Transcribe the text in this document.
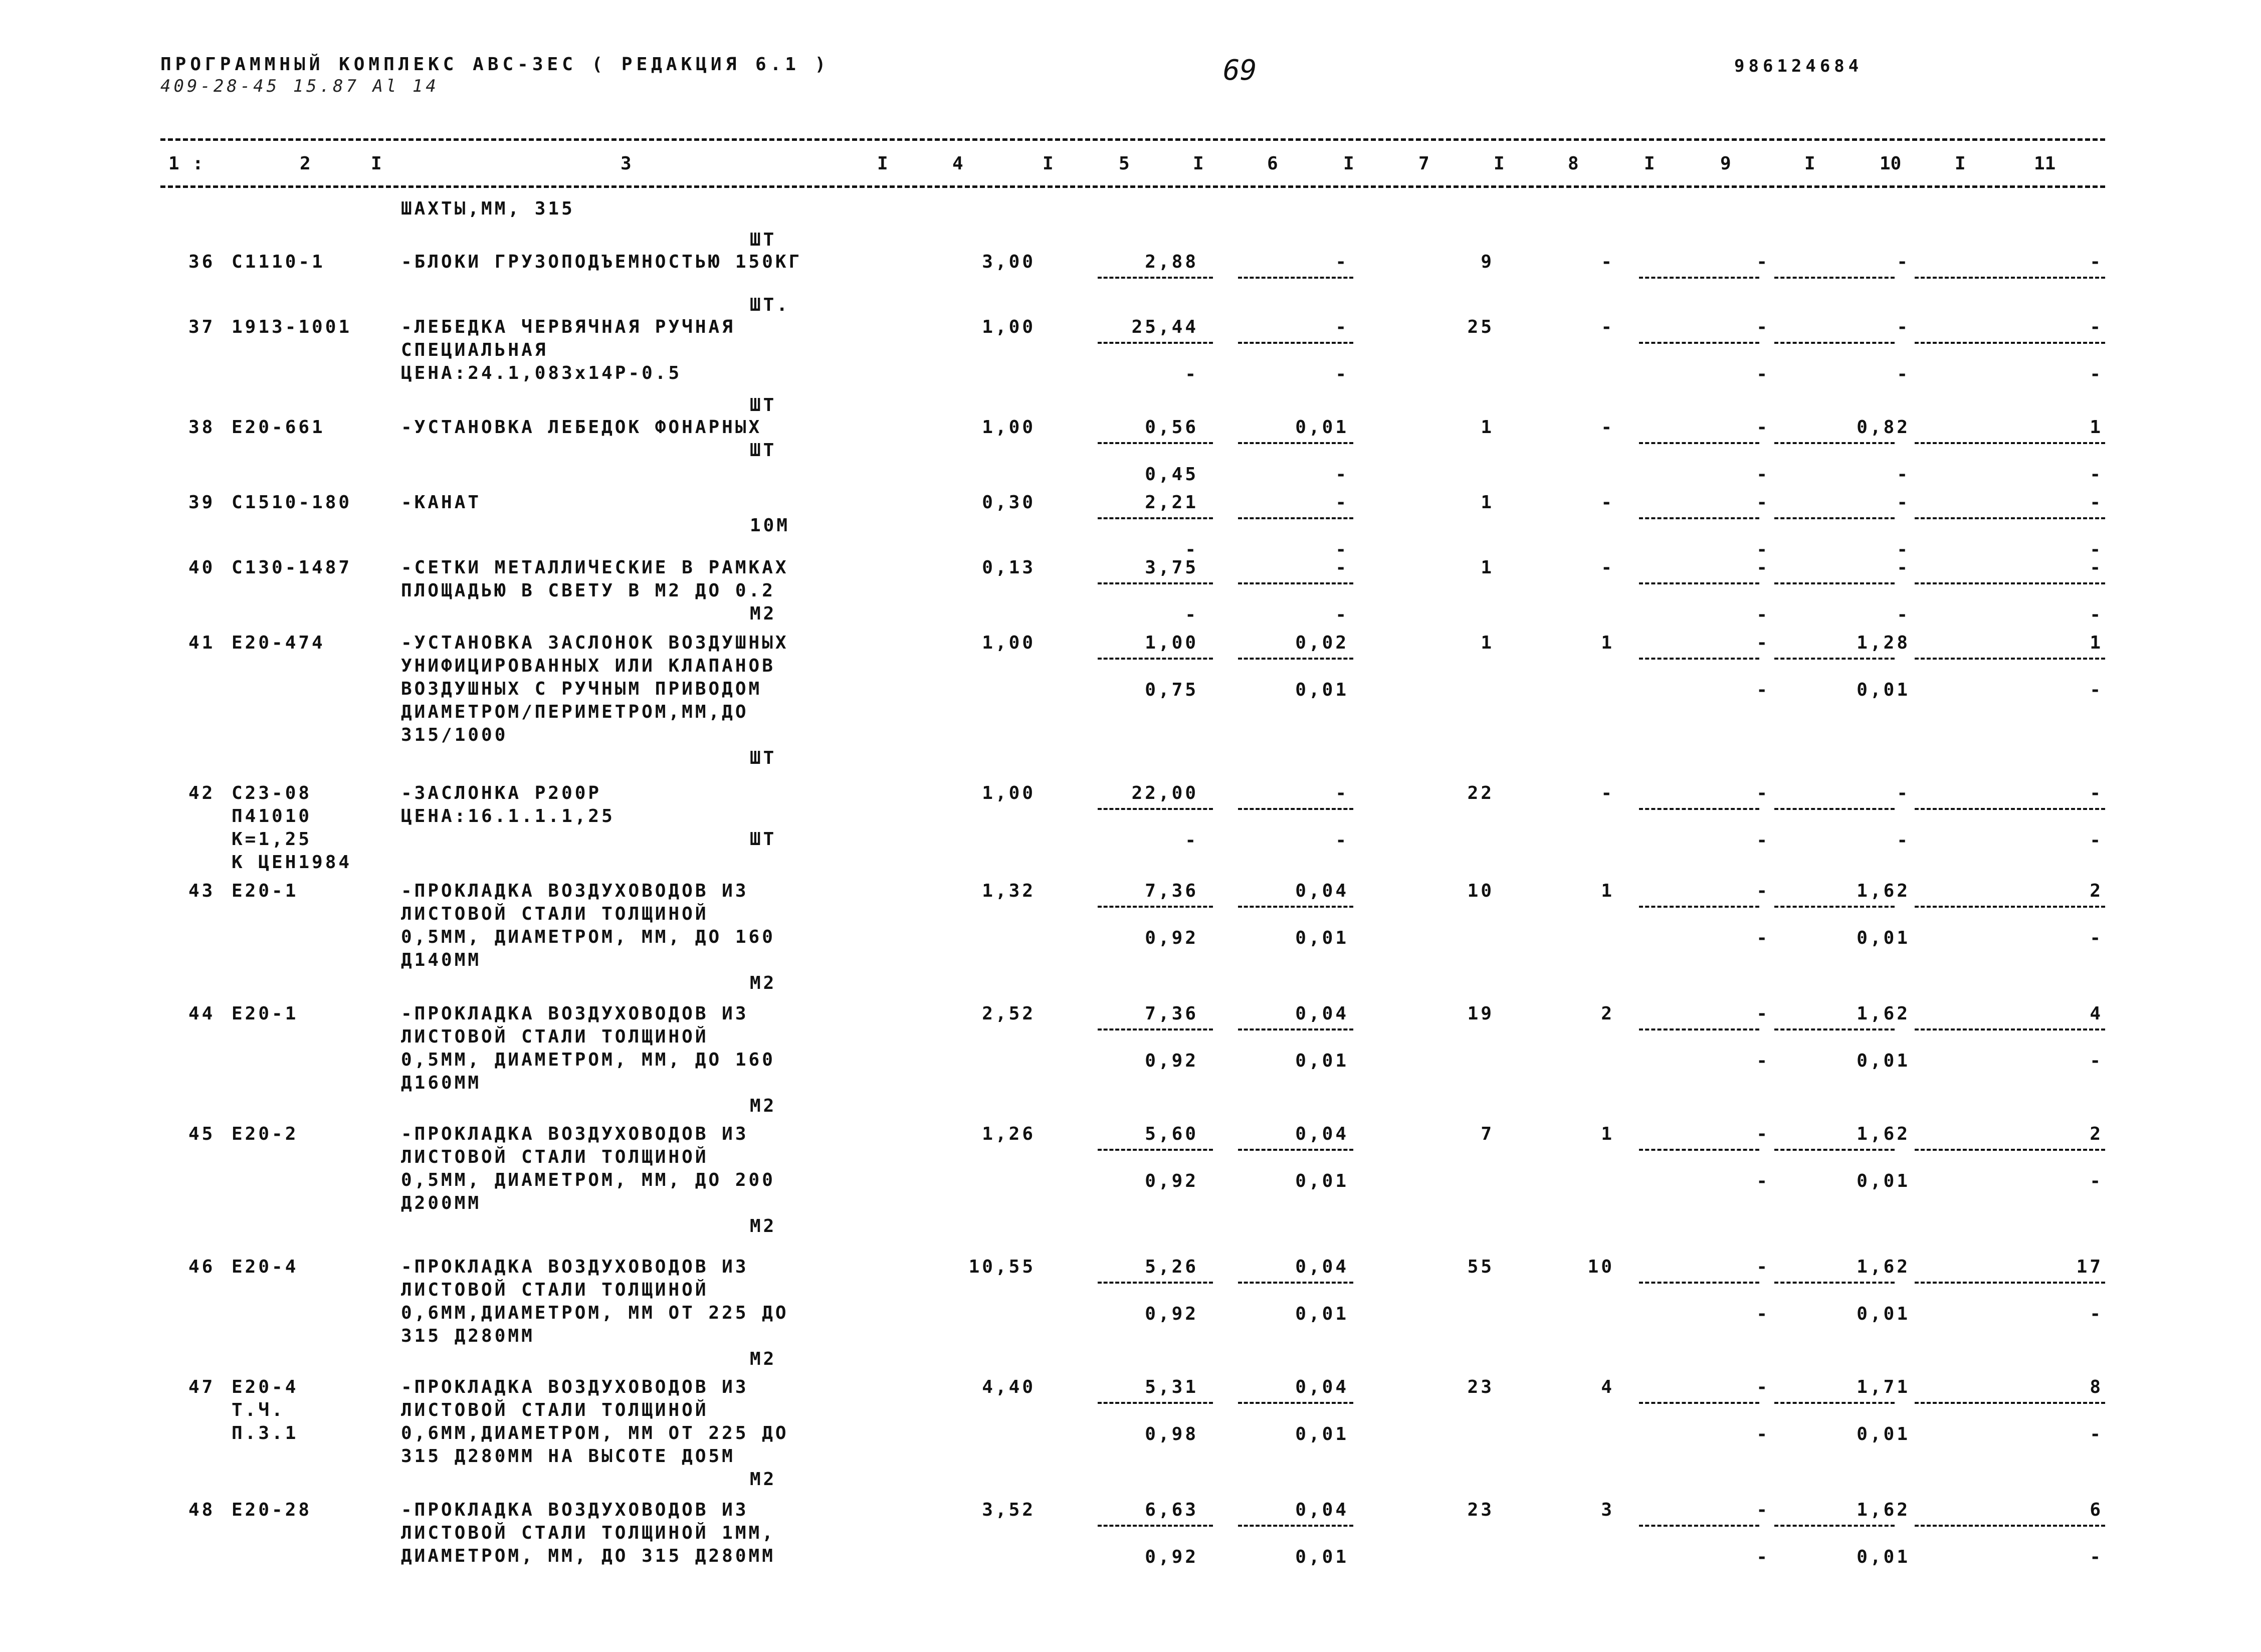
ПРОГРАММНЫЙ КОМПЛЕКС АВС-3ЕС ( РЕДАКЦИЯ 6.1 )
409-28-45 15.87 Al 14	69	986124684
1 :	2	3	4	5	6	7	8	9	10	11
I	I	I	I	I	I	I	I	I
ШАХТЫ,ММ, 315
ШТ
36 С1110-1	-БЛОКИ ГРУЗОПОДЪЕМНОСТЬЮ 150КГ	3,00	2,88	-	9	-	-	-	-
ШТ.
37 1913-1001	-ЛЕБЕДКА ЧЕРВЯЧНАЯ РУЧНАЯ
СПЕЦИАЛЬНАЯ
ЦЕНА:24.1,083х14Р-0.5
1,00	25,44	-	25	-	-	-	-
-	-	-	-	-
ШТ
38 Е20-661	-УСТАНОВКА ЛЕБЕДОК ФОНАРНЫХ
ШТ
1,00	0,56	0,01	1	-	-	0,82	1
0,45	-	-	-	-
39 С1510-180	-КАНАТ
10М
0,30	2,21	-	1	-	-	-	-
-	-	-	-	-
40 С130-1487	-СЕТКИ МЕТАЛЛИЧЕСКИЕ В РАМКАХ
ПЛОЩАДЬЮ В СВЕТУ В М2 ДО 0.2
М2
0,13	3,75	-	1	-	-	-	-
-	-	-	-	-
41 Е20-474	-УСТАНОВКА ЗАСЛОНОК ВОЗДУШНЫХ
УНИФИЦИРОВАННЫХ ИЛИ КЛАПАНОВ
ВОЗДУШНЫХ С РУЧНЫМ ПРИВОДОМ
ДИАМЕТРОМ/ПЕРИМЕТРОМ,ММ,ДО
315/1000
ШТ
1,00	1,00	0,02	1	1	-	1,28	1
0,75	0,01	-	0,01	-
42 С23-08
П41010
К=1,25
К ЦЕН1984
-ЗАСЛОНКА Р200Р
ЦЕНА:16.1.1.1,25
ШТ
1,00	22,00	-	22	-	-	-	-
-	-	-	-	-
43 Е20-1	-ПРОКЛАДКА ВОЗДУХОВОДОВ ИЗ
ЛИСТОВОЙ СТАЛИ ТОЛЩИНОЙ
0,5ММ, ДИАМЕТРОМ, ММ, ДО 160
Д140ММ
М2
1,32	7,36	0,04	10	1	-	1,62	2
0,92	0,01	-	0,01	-
44 Е20-1	-ПРОКЛАДКА ВОЗДУХОВОДОВ ИЗ
ЛИСТОВОЙ СТАЛИ ТОЛЩИНОЙ
0,5ММ, ДИАМЕТРОМ, ММ, ДО 160
Д160ММ
М2
2,52	7,36	0,04	19	2	-	1,62	4
0,92	0,01	-	0,01	-
45 Е20-2	-ПРОКЛАДКА ВОЗДУХОВОДОВ ИЗ
ЛИСТОВОЙ СТАЛИ ТОЛЩИНОЙ
0,5ММ, ДИАМЕТРОМ, ММ, ДО 200
Д200ММ
М2
1,26	5,60	0,04	7	1	-	1,62	2
0,92	0,01	-	0,01	-
46 Е20-4	-ПРОКЛАДКА ВОЗДУХОВОДОВ ИЗ
ЛИСТОВОЙ СТАЛИ ТОЛЩИНОЙ
0,6ММ,ДИАМЕТРОМ, ММ ОТ 225 ДО
315 Д280ММ
М2
10,55	5,26	0,04	55	10	-	1,62	17
0,92	0,01	-	0,01	-
47 Е20-4
Т.Ч.
П.3.1
-ПРОКЛАДКА ВОЗДУХОВОДОВ ИЗ
ЛИСТОВОЙ СТАЛИ ТОЛЩИНОЙ
0,6ММ,ДИАМЕТРОМ, ММ ОТ 225 ДО
315 Д280ММ НА ВЫСОТЕ ДО5М
М2
4,40	5,31	0,04	23	4	-	1,71	8
0,98	0,01	-	0,01	-
48 Е20-28	-ПРОКЛАДКА ВОЗДУХОВОДОВ ИЗ
ЛИСТОВОЙ СТАЛИ ТОЛЩИНОЙ 1ММ,
ДИАМЕТРОМ, ММ, ДО 315 Д280ММ
3,52	6,63	0,04	23	3	-	1,62	6
0,92	0,01	-	0,01	-
